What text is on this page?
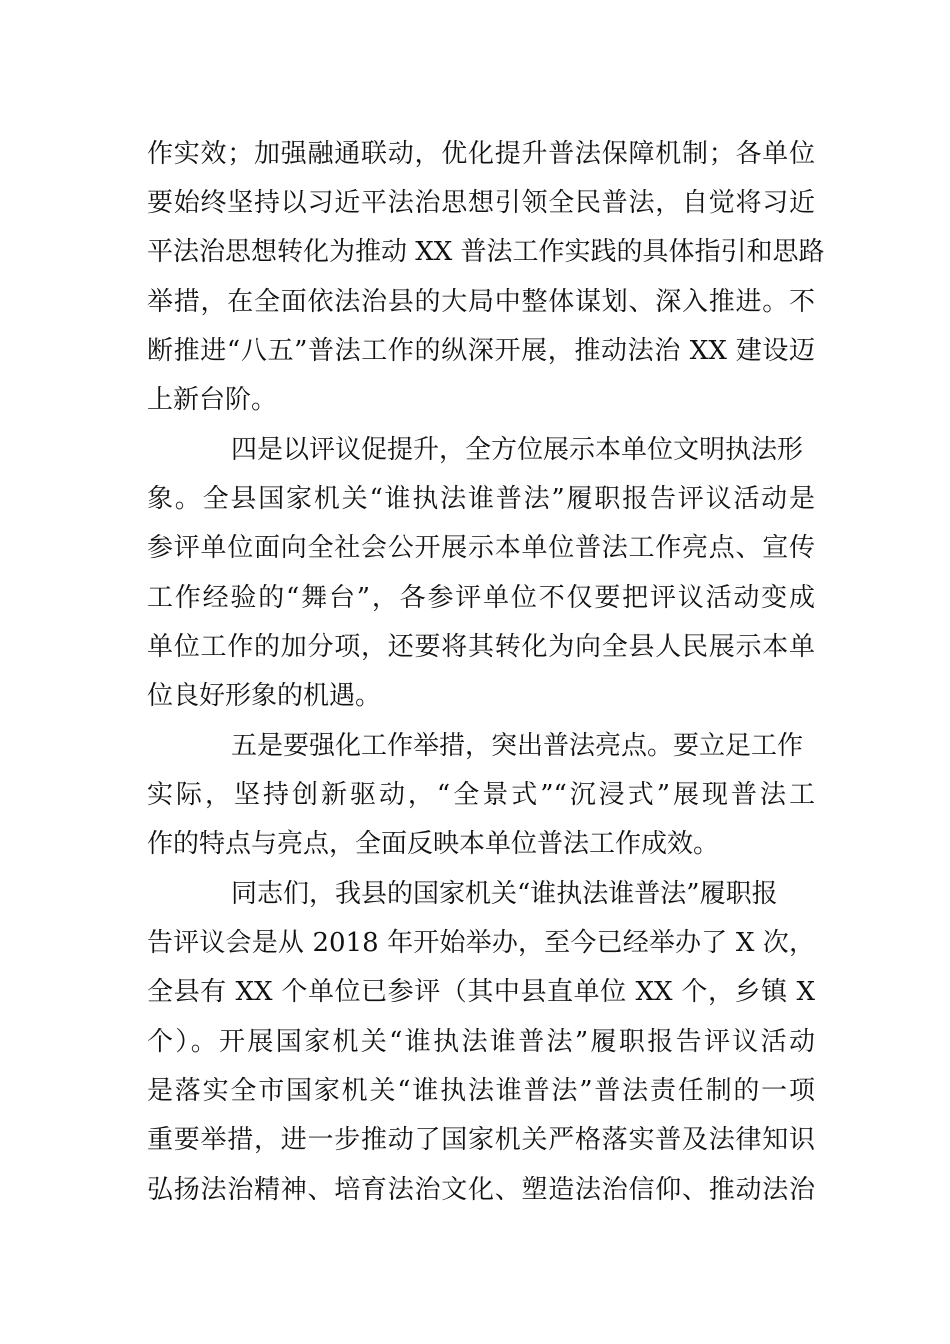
作实效；加强融通联动，优化提升普法保障机制；各单位
要始终坚持以习近平法治思想引领全民普法，自觉将习近
平法治思想转化为推动 XX 普法工作实践的具体指引和思路
举措，在全面依法治县的大局中整体谋划、深入推进。不
断推进“八五”普法工作的纵深开展，推动法治 XX 建设迈
上新台阶。
四是以评议促提升，全方位展示本单位文明执法形
象。全县国家机关“谁执法谁普法”履职报告评议活动是
参评单位面向全社会公开展示本单位普法工作亮点、宣传
工作经验的“舞台”，各参评单位不仅要把评议活动变成
单位工作的加分项，还要将其转化为向全县人民展示本单
位良好形象的机遇。
五是要强化工作举措，突出普法亮点。要立足工作
实际，坚持创新驱动，“全景式”“沉浸式”展现普法工
作的特点与亮点，全面反映本单位普法工作成效。
同志们，我县的国家机关“谁执法谁普法”履职报
告评议会是从 2018 年开始举办，至今已经举办了 X 次，
全县有 XX 个单位已参评（其中县直单位 XX 个，乡镇 X
个）。开展国家机关“谁执法谁普法”履职报告评议活动
是落实全市国家机关“谁执法谁普法”普法责任制的一项
重要举措，进一步推动了国家机关严格落实普及法律知识
弘扬法治精神、培育法治文化、塑造法治信仰、推动法治
